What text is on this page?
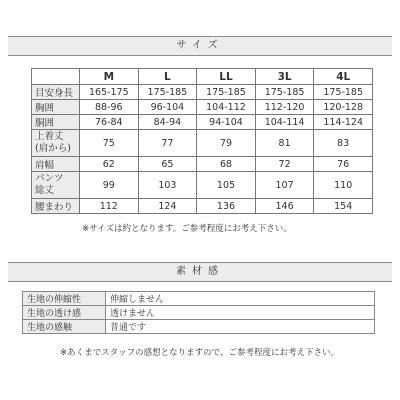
サイズ
	M	L	LL	3L	4L
目安身長	165-175	175-185	175-185	175-185	175-185
胸囲	88-96	96-104	104-112	112-120	120-128
胴囲	76-84	84-94	94-104	104-114	114-124
上着丈
(肩から)	75	77	79	81	83
肩幅	62	65	68	72	76
パンツ
総丈	99	103	105	107	110
腰まわり	112	124	136	146	154
※サイズは約となります。ご参考程度にお考え下さい。
素材感
生地の伸縮性	伸縮しません
生地の透け感	透けません
生地の感触	普通です
※あくまでスタッフの感想となりますので、ご参考程度にお考え下さい。
